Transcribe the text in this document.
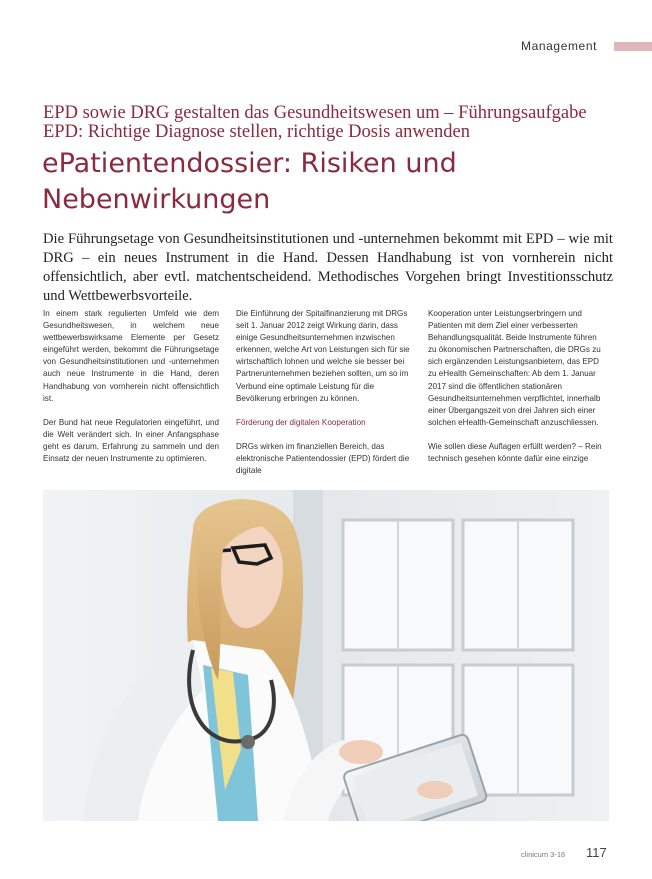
Management
EPD sowie DRG gestalten das Gesundheitswesen um – Führungsaufgabe EPD: Richtige Diagnose stellen, richtige Dosis anwenden
ePatientendossier: Risiken und
Nebenwirkungen
Die Führungsetage von Gesundheitsinstitutionen und -unternehmen bekommt mit EPD – wie mit DRG – ein neues Instrument in die Hand. Dessen Handhabung ist von vornherein nicht offensichtlich, aber evtl. matchentscheidend. Methodisches Vorgehen bringt Investitionsschutz und Wettbewerbsvorteile.

In einem stark regulierten Umfeld wie dem Gesundheitswesen, in welchem neue wettbewerbswirksame Elemente per Gesetz eingeführt werden, bekommt die Führungsetage von Gesundheitsinstitutionen und -unternehmen auch neue Instrumente in die Hand, deren Handhabung von vornherein nicht offensichtlich ist.

Der Bund hat neue Regulatorien eingeführt, und die Welt verändert sich. In einer Anfangsphase geht es darum, Erfahrung zu sammeln und den Einsatz der neuen Instrumente zu optimieren.

Die Einführung der Spitalfinanzierung mit DRGs seit 1. Januar 2012 zeigt Wirkung darin, dass einige Gesundheitsunternehmen inzwischen erkennen, welche Art von Leistungen sich für sie wirtschaftlich lohnen und welche sie besser bei Partnerunternehmen beziehen sollten, um so im Verbund eine optimale Leistung für die Bevölkerung erbringen zu können.

Förderung der digitalen Kooperation

DRGs wirken im finanziellen Bereich, das elektronische Patientendossier (EPD) fördert die digitale

Kooperation unter Leistungserbringern und Patienten mit dem Ziel einer verbesserten Behandlungsqualität. Beide Instrumente führen zu ökonomischen Partnerschaften, die DRGs zu sich ergänzenden Leistungsanbietern, das EPD zu eHealth Gemeinschaften: Ab dem 1. Januar 2017 sind die öffentlichen stationären Gesundheitsunternehmen verpflichtet, innerhalb einer Übergangszeit von drei Jahren sich einer solchen eHealth-Gemeinschaft anzuschliessen.

Wie sollen diese Auflagen erfüllt werden? – Rein technisch gesehen könnte dafür eine einzige

clinicum 3-16 117
